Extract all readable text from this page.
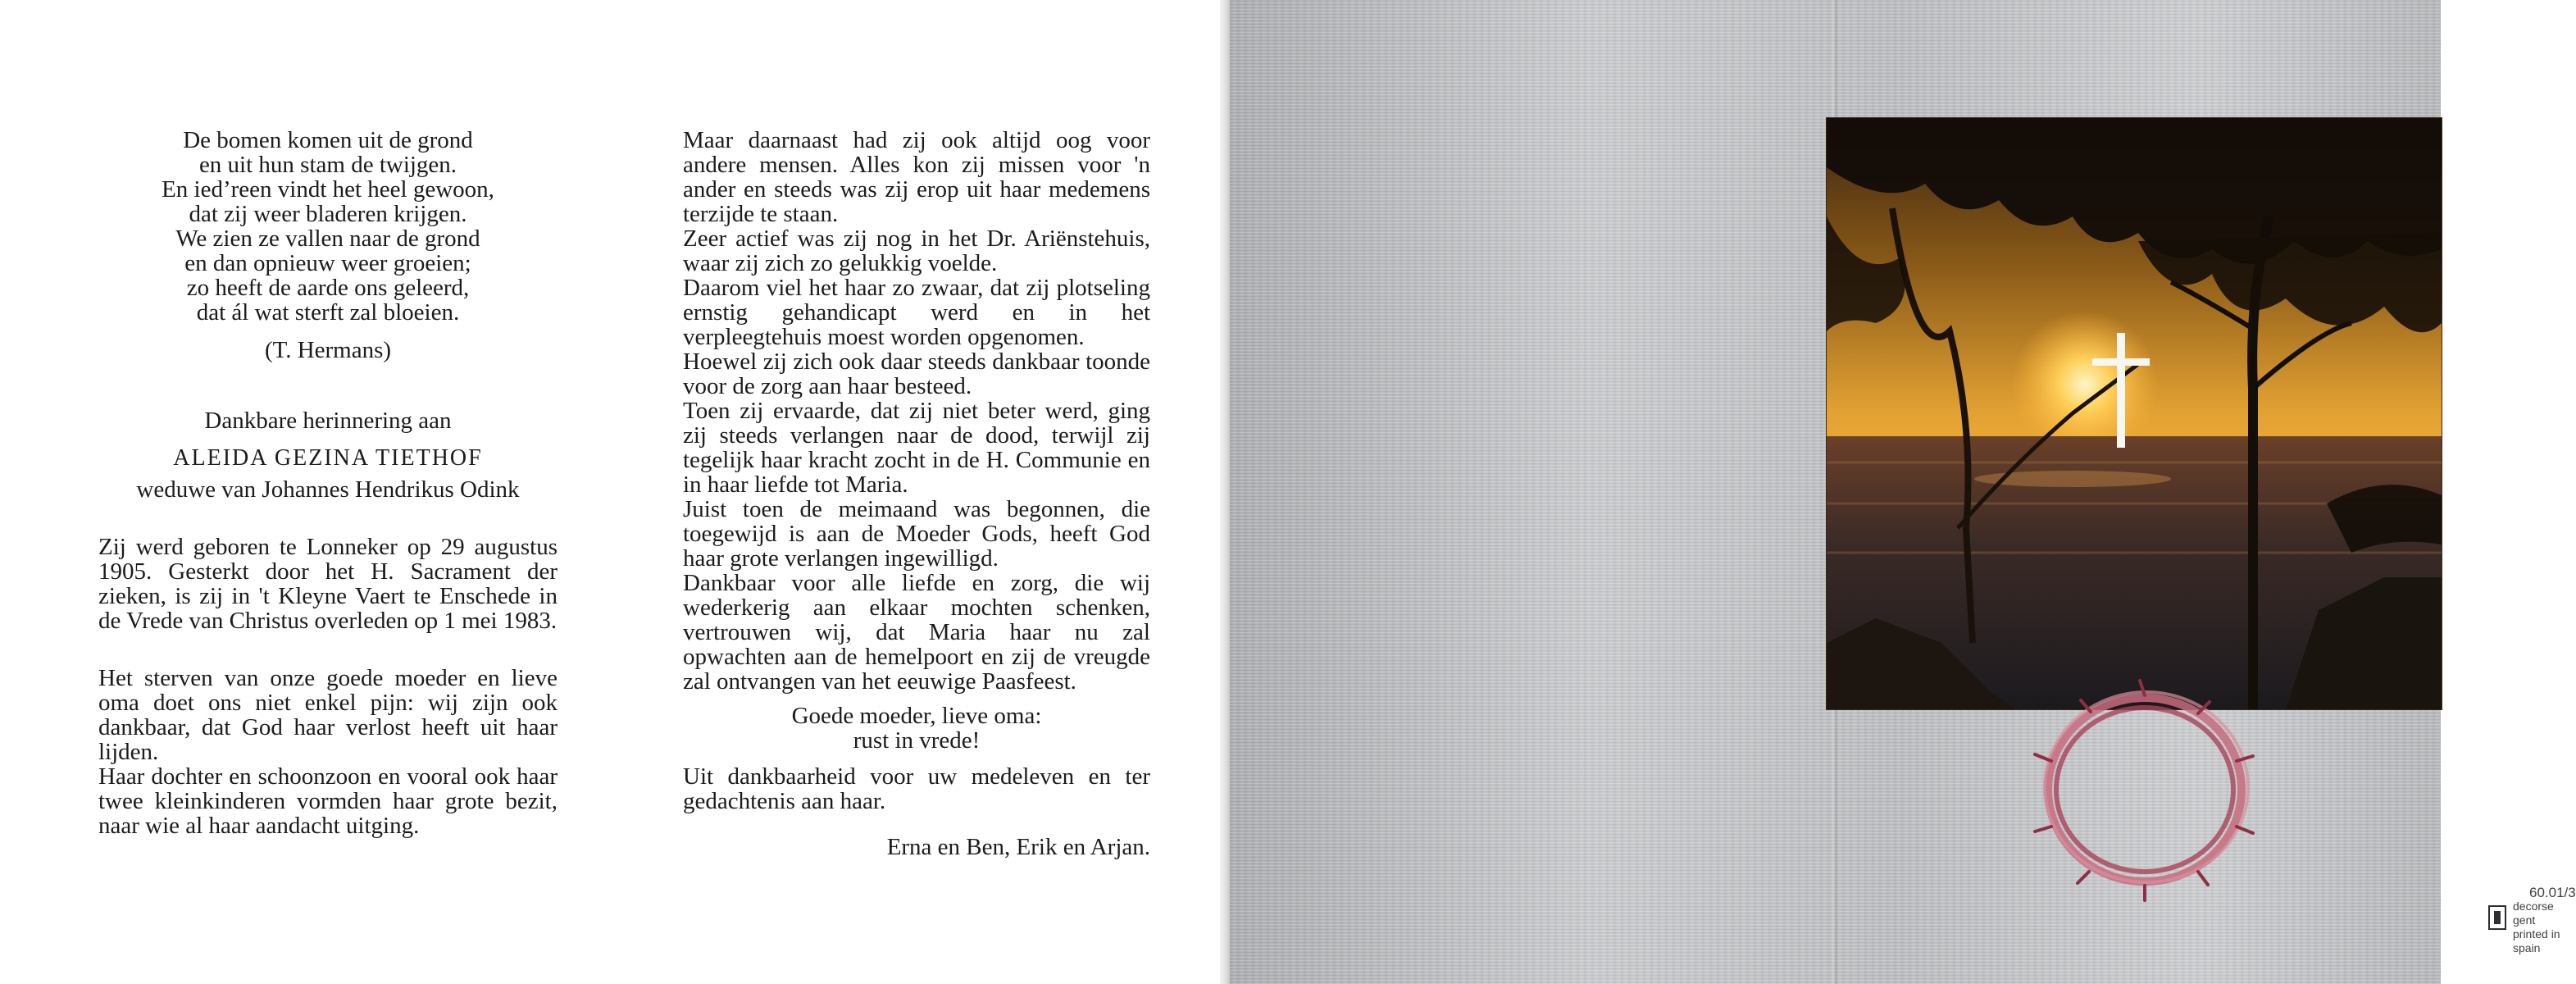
De bomen komen uit de grond
en uit hun stam de twijgen.
En ied’reen vindt het heel gewoon,
dat zij weer bladeren krijgen.
We zien ze vallen naar de grond
en dan opnieuw weer groeien;
zo heeft de aarde ons geleerd,
dat ál wat sterft zal bloeien.
(T. Hermans)
Dankbare herinnering aan
ALEIDA GEZINA TIETHOF
weduwe van Johannes Hendrikus Odink

Zij werd geboren te Lonneker op 29 augustus 1905. Gesterkt door het H. Sacrament der zieken, is zij in 't Kleyne Vaert te Enschede in de Vrede van Christus overleden op 1 mei 1983.

Het sterven van onze goede moeder en lieve oma doet ons niet enkel pijn: wij zijn ook dankbaar, dat God haar verlost heeft uit haar lijden.

Haar dochter en schoonzoon en vooral ook haar twee kleinkinderen vormden haar grote bezit, naar wie al haar aandacht uitging.

Maar daarnaast had zij ook altijd oog voor andere mensen. Alles kon zij missen voor 'n ander en steeds was zij erop uit haar medemens terzijde te staan.

Zeer actief was zij nog in het Dr. Ariënstehuis, waar zij zich zo gelukkig voelde.

Daarom viel het haar zo zwaar, dat zij plotseling ernstig gehandicapt werd en in het verpleegtehuis moest worden opgenomen.

Hoewel zij zich ook daar steeds dankbaar toonde voor de zorg aan haar besteed.

Toen zij ervaarde, dat zij niet beter werd, ging zij steeds verlangen naar de dood, terwijl zij tegelijk haar kracht zocht in de H. Communie en in haar liefde tot Maria.

Juist toen de meimaand was begonnen, die toegewijd is aan de Moeder Gods, heeft God haar grote verlangen ingewilligd.

Dankbaar voor alle liefde en zorg, die wij wederkerig aan elkaar mochten schenken, vertrouwen wij, dat Maria haar nu zal opwachten aan de hemelpoort en zij de vreugde zal ontvangen van het eeuwige Paasfeest.

Goede moeder, lieve oma:
rust in vrede!

Uit dankbaarheid voor uw medeleven en ter gedachtenis aan haar.

Erna en Ben, Erik en Arjan.
60.01/3
decorse gent
printed in spain
